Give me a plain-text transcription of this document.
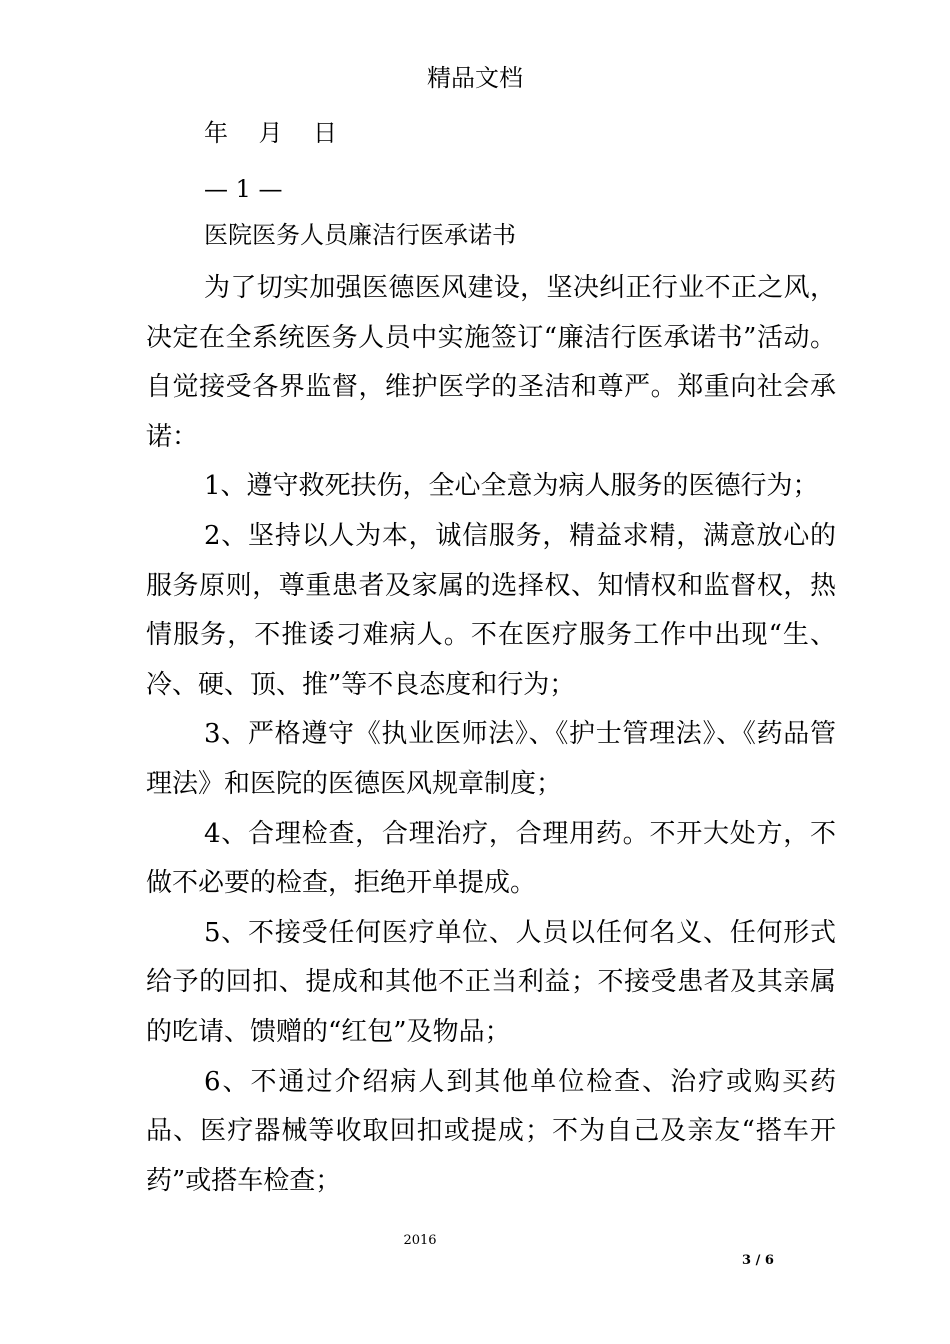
精品文档
年    月    日
— 1 —
医院医务人员廉洁行医承诺书

为了切实加强医德医风建设，坚决纠正行业不正之风，决定在全系统医务人员中实施签订“廉洁行医承诺书”活动。自觉接受各界监督，维护医学的圣洁和尊严。郑重向社会承诺：

1、遵守救死扶伤，全心全意为病人服务的医德行为；

2、坚持以人为本，诚信服务，精益求精，满意放心的服务原则，尊重患者及家属的选择权、知情权和监督权，热情服务，不推诿刁难病人。不在医疗服务工作中出现“生、冷、硬、顶、推”等不良态度和行为；

3、严格遵守《执业医师法》、《护士管理法》、《药品管理法》和医院的医德医风规章制度；

4、合理检查，合理治疗，合理用药。不开大处方，不做不必要的检查，拒绝开单提成。

5、不接受任何医疗单位、人员以任何名义、任何形式给予的回扣、提成和其他不正当利益；不接受患者及其亲属的吃请、馈赠的“红包”及物品；

6、不通过介绍病人到其他单位检查、治疗或购买药品、医疗器械等收取回扣或提成；不为自己及亲友“搭车开药”或搭车检查；

2016
3 / 6
